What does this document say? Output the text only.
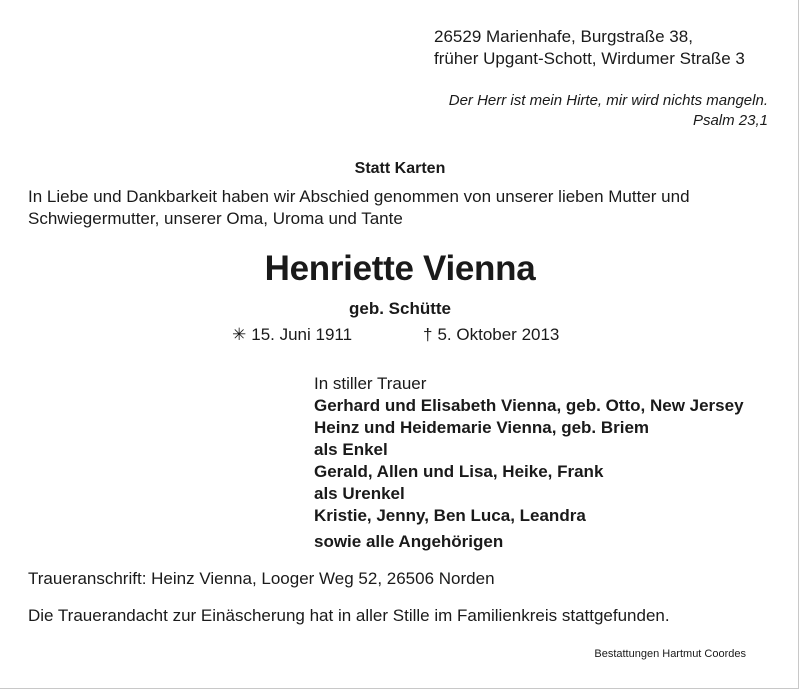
26529 Marienhafe, Burgstraße 38,
früher Upgant-Schott, Wirdumer Straße 3
Der Herr ist mein Hirte, mir wird nichts mangeln.
Psalm 23,1
Statt Karten
In Liebe und Dankbarkeit haben wir Abschied genommen von unserer lieben Mutter und
Schwiegermutter, unserer Oma, Uroma und Tante
Henriette Vienna
geb. Schütte
✳ 15. Juni 1911	† 5. Oktober 2013
In stiller Trauer
Gerhard und Elisabeth Vienna, geb. Otto, New Jersey
Heinz und Heidemarie Vienna, geb. Briem
als Enkel
Gerald, Allen und Lisa, Heike, Frank
als Urenkel
Kristie, Jenny, Ben Luca, Leandra
sowie alle Angehörigen
Traueranschrift: Heinz Vienna, Looger Weg 52, 26506 Norden
Die Trauerandacht zur Einäscherung hat in aller Stille im Familienkreis stattgefunden.
Bestattungen Hartmut Coordes
